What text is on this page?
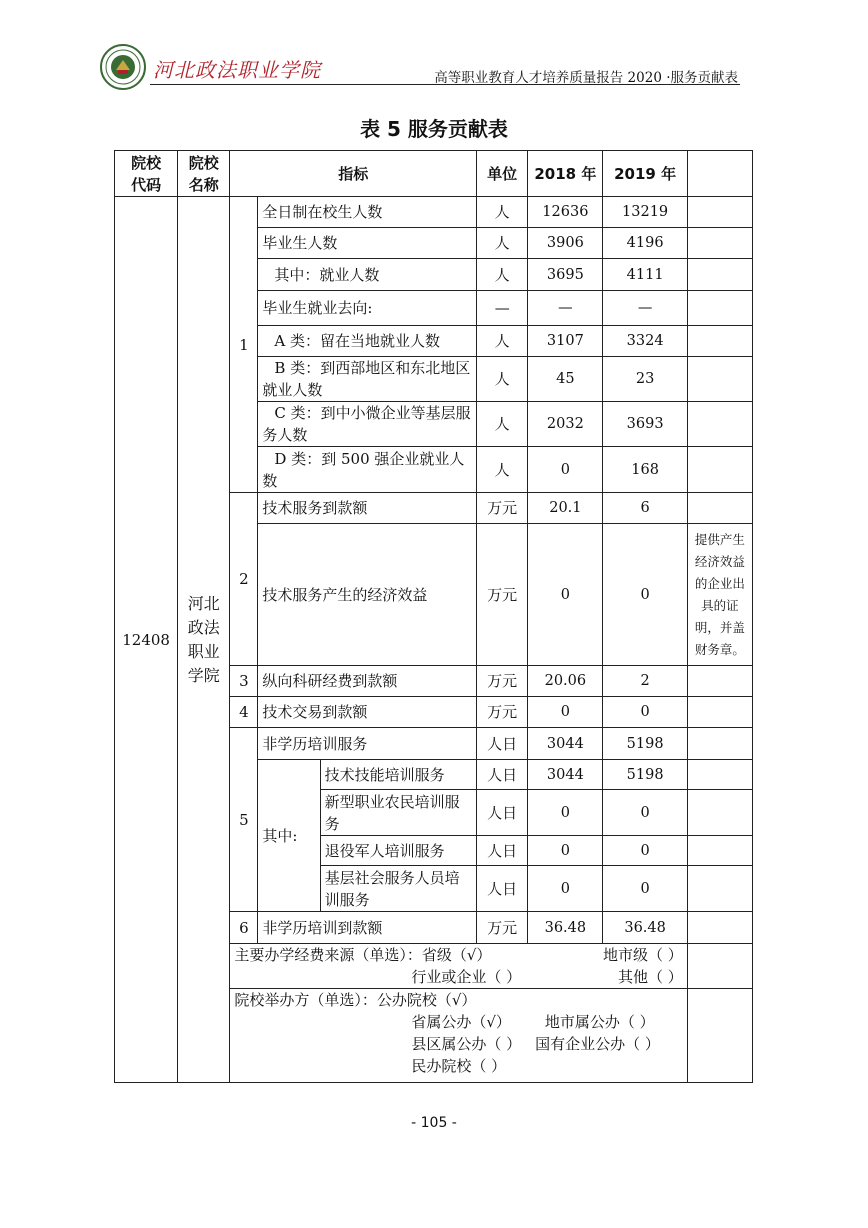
河北政法职业学院	高等职业教育人才培养质量报告 2020 ·服务贡献表
表 5 服务贡献表
院校代码	院校名称	指标			单位	2018 年	2019 年	
12408	河北政法职业学院	1	全日制在校生人数		人	12636	13219	
			毕业生人数		人	3906	4196	
			其中：就业人数		人	3695	4111	
			毕业生就业去向:		—	—	—	
			A 类：留在当地就业人数		人	3107	3324	
			B 类：到西部地区和东北地区就业人数		人	45	23	
			C 类：到中小微企业等基层服务人数		人	2032	3693	
			D 类：到 500 强企业就业人数		人	0	168	
		2	技术服务到款额		万元	20.1	6	
			技术服务产生的经济效益		万元	0	0	提供产生经济效益的企业出具的证明，并盖财务章。
		3	纵向科研经费到款额		万元	20.06	2	
		4	技术交易到款额		万元	0	0	
		5	非学历培训服务		人日	3044	5198	
			其中:	技术技能培训服务	人日	3044	5198	
				新型职业农民培训服务	人日	0	0	
				退役军人培训服务	人日	0	0	
				基层社会服务人员培训服务	人日	0	0	
		6	非学历培训到款额		万元	36.48	36.48	

		主要办学经费来源（单选）：省级（√） 地市级（ ）
行业或企业（ ） 其他（ ）						

		院校举办方（单选）：公办院校（√）
省属公办（√） 地市属公办（ ）
县区属公办（ ） 国有企业公办（ ）
民办院校（ ）						

- 105 -
